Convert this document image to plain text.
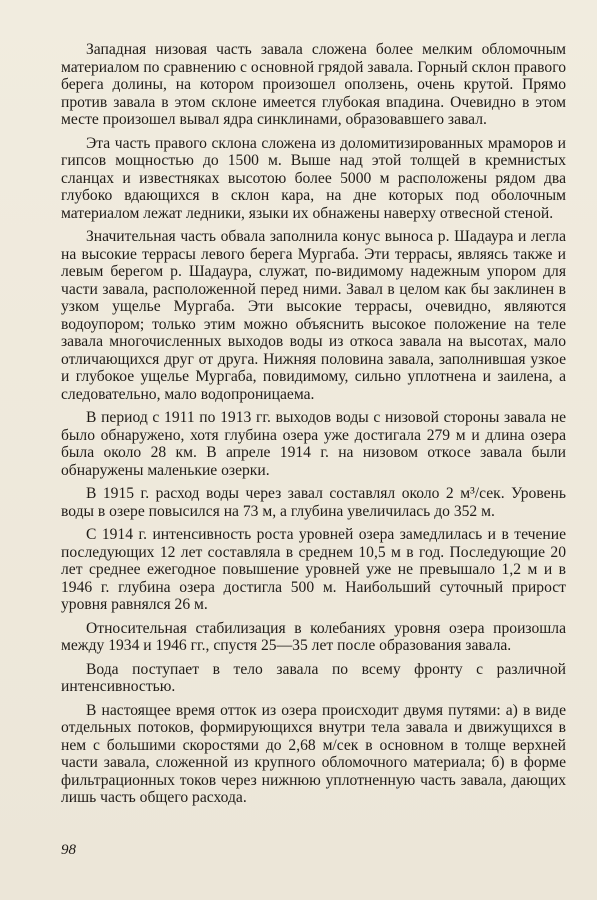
Западная низовая часть завала сложена более мелким обломочным материалом по сравнению с основной грядой завала. Горный склон правого берега долины, на котором произошел оползень, очень крутой. Прямо против завала в этом склоне имеется глубокая впадина. Очевидно в этом месте произошел вывал ядра синклинами, образовавшего завал.

Эта часть правого склона сложена из доломитизированных мраморов и гипсов мощностью до 1500 м. Выше над этой толщей в кремнистых сланцах и известняках высотою более 5000 м расположены рядом два глубоко вдающихся в склон кара, на дне которых под оболочным материалом лежат ледники, языки их обнажены наверху отвесной стеной.

Значительная часть обвала заполнила конус выноса р. Шадаура и легла на высокие террасы левого берега Мургаба. Эти террасы, являясь также и левым берегом р. Шадаура, служат, по-видимому надежным упором для части завала, расположенной перед ними. Завал в целом как бы заклинен в узком ущелье Мургаба. Эти высокие террасы, очевидно, являются водоупором; только этим можно объяснить высокое положение на теле завала многочисленных выходов воды из откоса завала на высотах, мало отличающихся друг от друга. Нижняя половина завала, заполнившая узкое и глубокое ущелье Мургаба, повидимому, сильно уплотнена и заилена, а следовательно, мало водопроницаема.

В период с 1911 по 1913 гг. выходов воды с низовой стороны завала не было обнаружено, хотя глубина озера уже достигала 279 м и длина озера была около 28 км. В апреле 1914 г. на низовом откосе завала были обнаружены маленькие озерки.

В 1915 г. расход воды через завал составлял около 2 м³/сек. Уровень воды в озере повысился на 73 м, а глубина увеличилась до 352 м.

С 1914 г. интенсивность роста уровней озера замедлилась и в течение последующих 12 лет составляла в среднем 10,5 м в год. Последующие 20 лет среднее ежегодное повышение уровней уже не превышало 1,2 м и в 1946 г. глубина озера достигла 500 м. Наибольший суточный прирост уровня равнялся 26 м.

Относительная стабилизация в колебаниях уровня озера произошла между 1934 и 1946 гг., спустя 25—35 лет после образования завала.

Вода поступает в тело завала по всему фронту с различной интенсивностью.

В настоящее время отток из озера происходит двумя путями: а) в виде отдельных потоков, формирующихся внутри тела завала и движущихся в нем с большими скоростями до 2,68 м/сек в основном в толще верхней части завала, сложенной из крупного обломочного материала; б) в форме фильтрационных токов через нижнюю уплотненную часть завала, дающих лишь часть общего расхода.

98
